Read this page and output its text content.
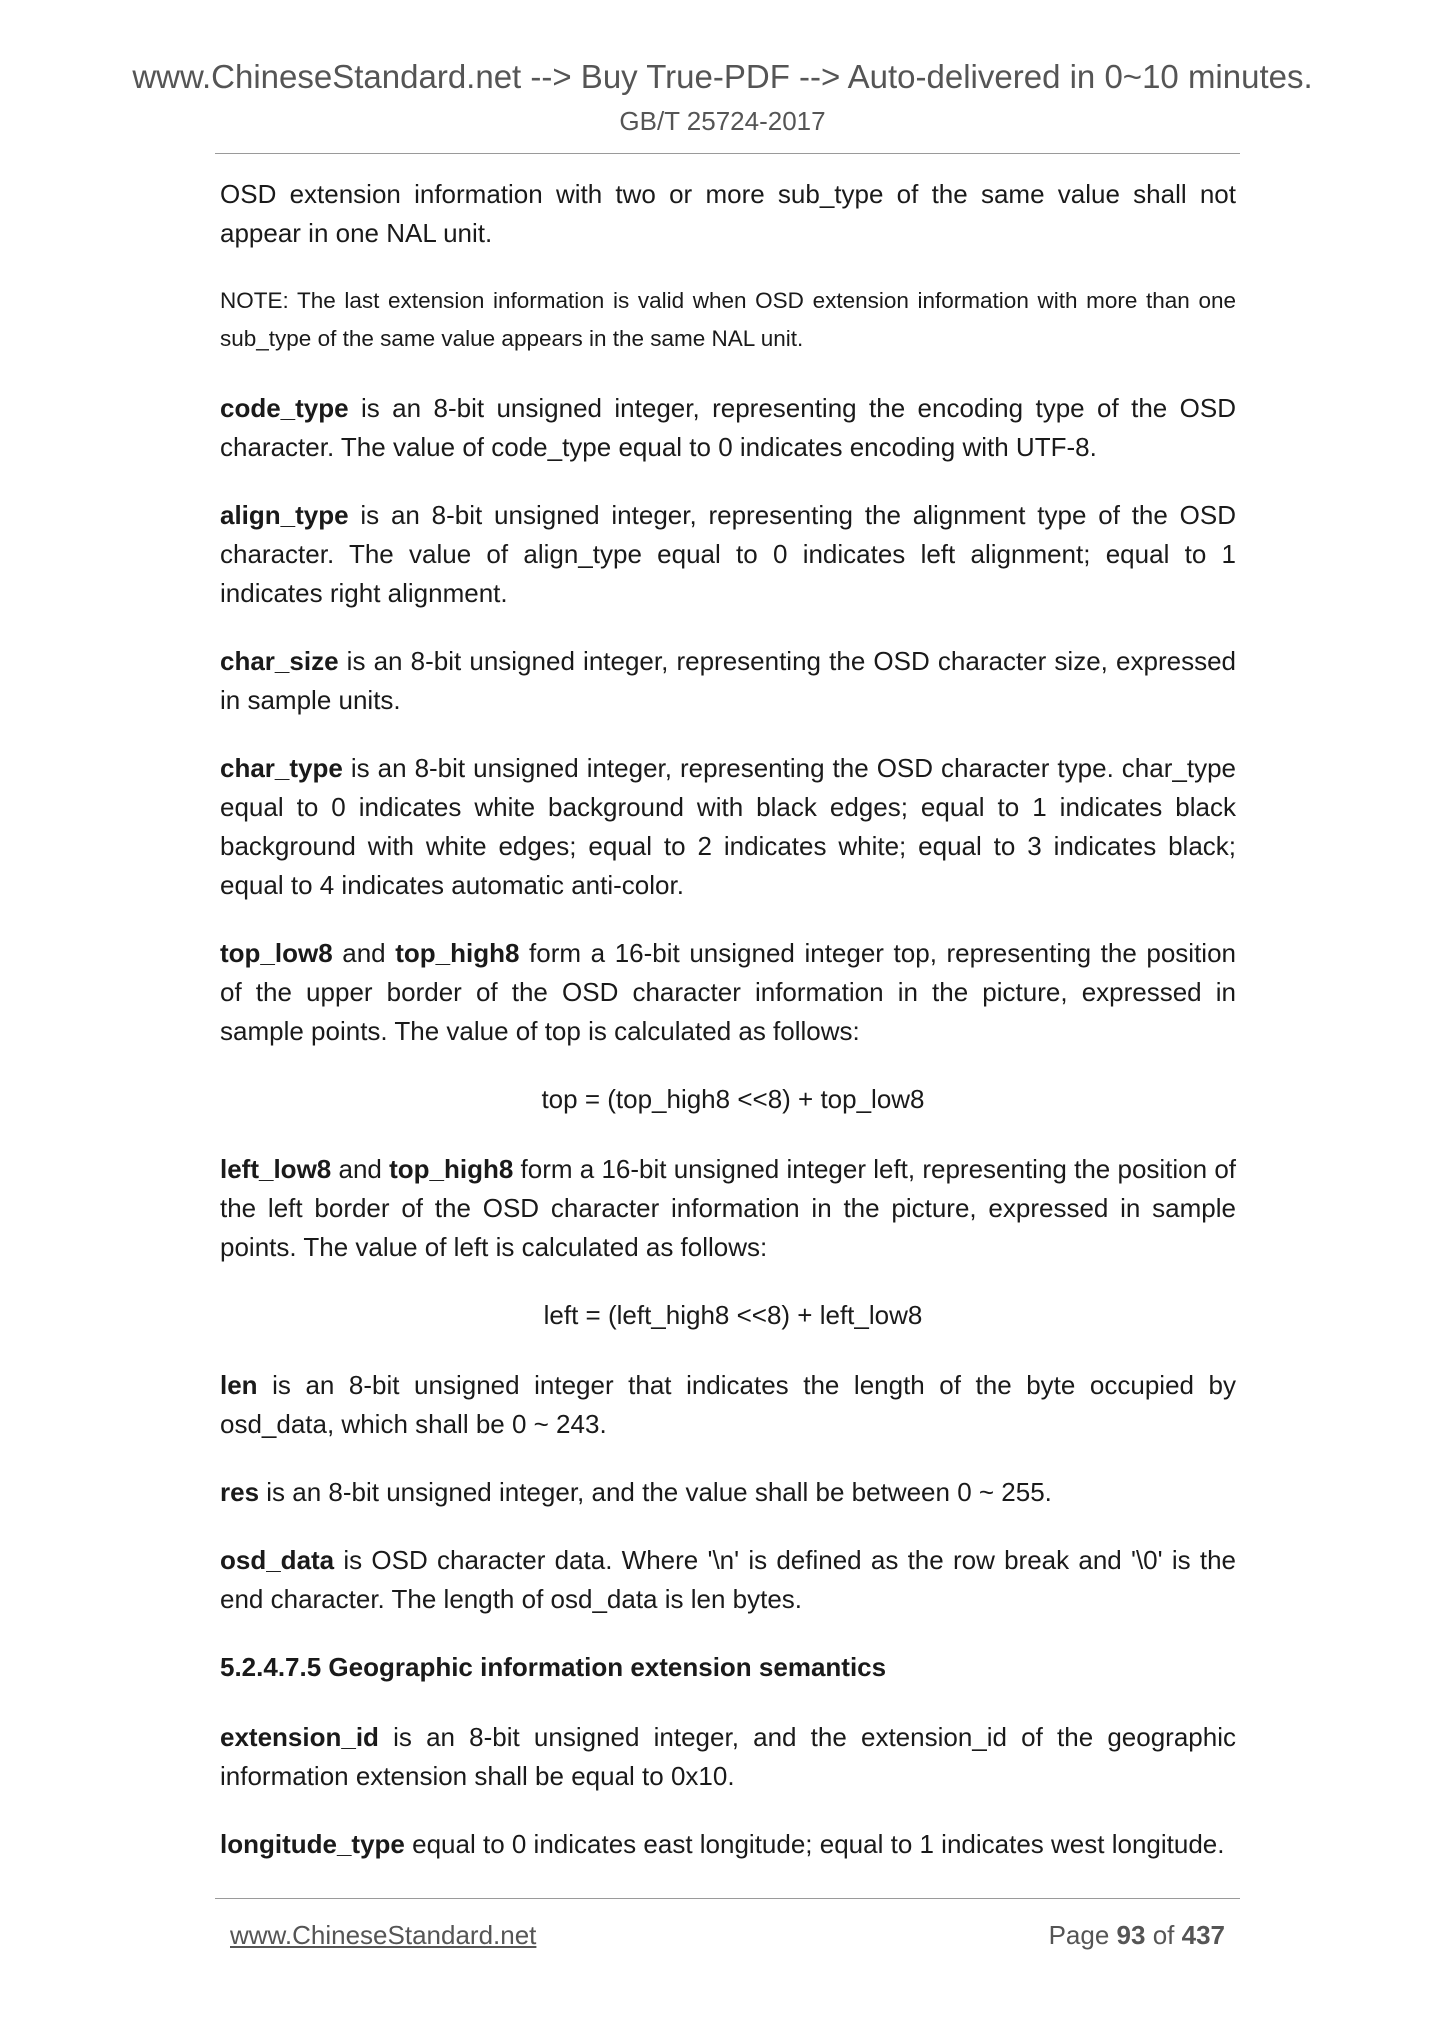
www.ChineseStandard.net --> Buy True-PDF --> Auto-delivered in 0~10 minutes.
GB/T 25724-2017

OSD extension information with two or more sub_type of the same value shall not appear in one NAL unit.

NOTE: The last extension information is valid when OSD extension information with more than one sub_type of the same value appears in the same NAL unit.

code_type is an 8-bit unsigned integer, representing the encoding type of the OSD character. The value of code_type equal to 0 indicates encoding with UTF-8.

align_type is an 8-bit unsigned integer, representing the alignment type of the OSD character. The value of align_type equal to 0 indicates left alignment; equal to 1 indicates right alignment.

char_size is an 8-bit unsigned integer, representing the OSD character size, expressed in sample units.

char_type is an 8-bit unsigned integer, representing the OSD character type. char_type equal to 0 indicates white background with black edges; equal to 1 indicates black background with white edges; equal to 2 indicates white; equal to 3 indicates black; equal to 4 indicates automatic anti-color.

top_low8 and top_high8 form a 16-bit unsigned integer top, representing the position of the upper border of the OSD character information in the picture, expressed in sample points. The value of top is calculated as follows:

top = (top_high8 <<8) + top_low8

left_low8 and top_high8 form a 16-bit unsigned integer left, representing the position of the left border of the OSD character information in the picture, expressed in sample points. The value of left is calculated as follows:

left = (left_high8 <<8) + left_low8

len is an 8-bit unsigned integer that indicates the length of the byte occupied by osd_data, which shall be 0 ~ 243.

res is an 8-bit unsigned integer, and the value shall be between 0 ~ 255.

osd_data is OSD character data. Where '\n' is defined as the row break and '\0' is the end character. The length of osd_data is len bytes.

5.2.4.7.5 Geographic information extension semantics

extension_id is an 8-bit unsigned integer, and the extension_id of the geographic information extension shall be equal to 0x10.

longitude_type equal to 0 indicates east longitude; equal to 1 indicates west longitude.

www.ChineseStandard.net	Page 93 of 437
